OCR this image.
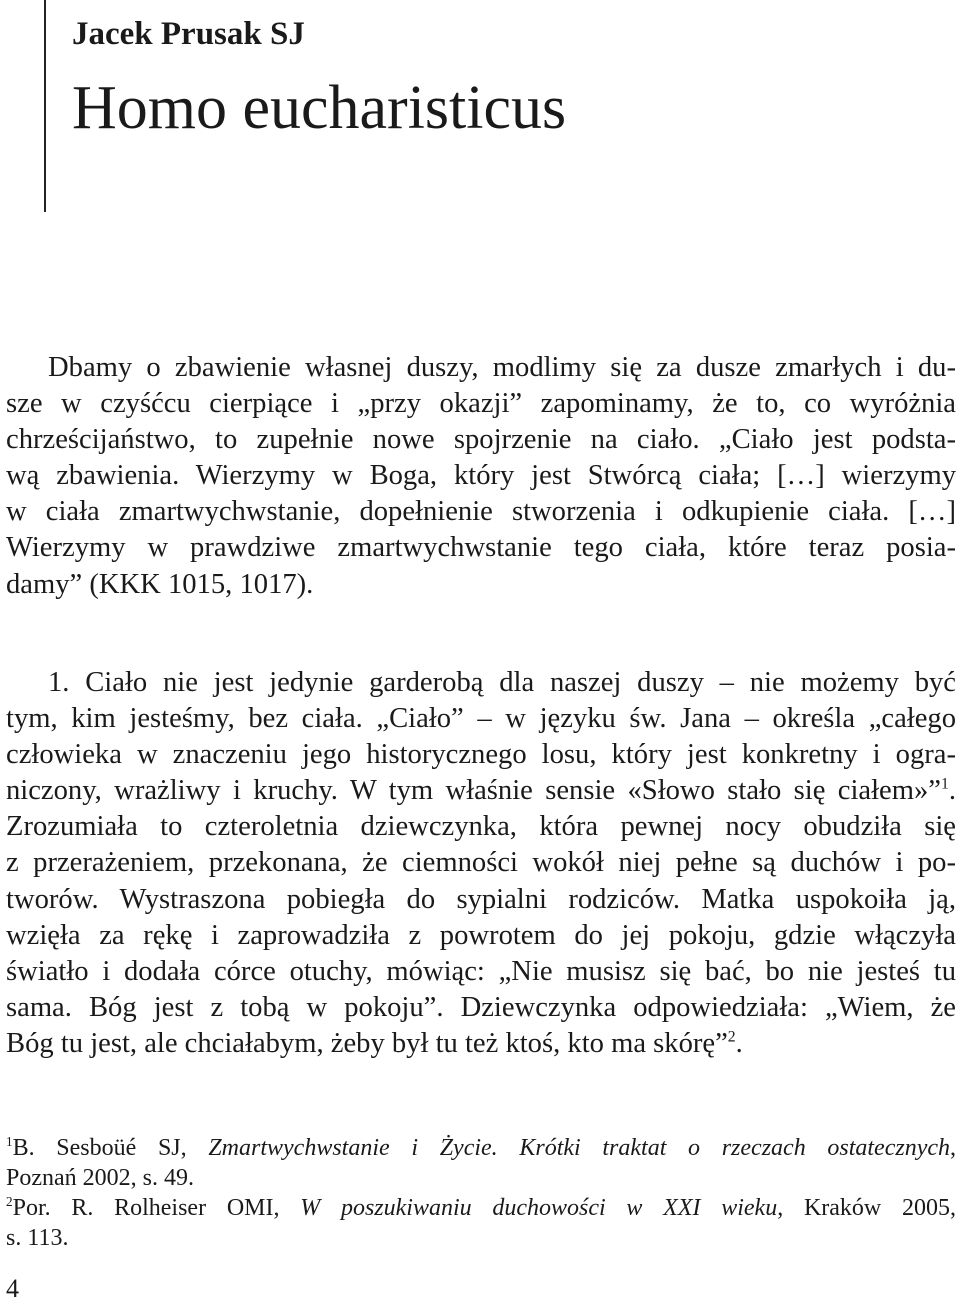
Jacek Prusak SJ
Homo eucharisticus
Dbamy o zbawienie własnej duszy, modlimy się za dusze zmarłych i du-
sze w czyśćcu cierpiące i „przy okazji” zapominamy, że to, co wyróżnia
chrześcijaństwo, to zupełnie nowe spojrzenie na ciało. „Ciało jest podsta-
wą zbawienia. Wierzymy w Boga, który jest Stwórcą ciała; […] wierzymy
w ciała zmartwychwstanie, dopełnienie stworzenia i odkupienie ciała. […]
Wierzymy w prawdziwe zmartwychwstanie tego ciała, które teraz posia-
damy” (KKK 1015, 1017).
1. Ciało nie jest jedynie garderobą dla naszej duszy – nie możemy być
tym, kim jesteśmy, bez ciała. „Ciało” – w języku św. Jana – określa „całego
człowieka w znaczeniu jego historycznego losu, który jest konkretny i ogra-
niczony, wrażliwy i kruchy. W tym właśnie sensie «Słowo stało się ciałem»”$^1$.
Zrozumiała to czteroletnia dziewczynka, która pewnej nocy obudziła się
z przerażeniem, przekonana, że ciemności wokół niej pełne są duchów i po-
tworów. Wystraszona pobiegła do sypialni rodziców. Matka uspokoiła ją,
wzięła za rękę i zaprowadziła z powrotem do jej pokoju, gdzie włączyła
światło i dodała córce otuchy, mówiąc: „Nie musisz się bać, bo nie jesteś tu
sama. Bóg jest z tobą w pokoju”. Dziewczynka odpowiedziała: „Wiem, że
Bóg tu jest, ale chciałabym, żeby był tu też ktoś, kto ma skórę”$^2$.
$^1$B. Sesboüé SJ, Zmartwychwstanie i Życie. Krótki traktat o rzeczach ostatecznych,
Poznań 2002, s. 49.
$^2$Por. R. Rolheiser OMI, W poszukiwaniu duchowości w XXI wieku, Kraków 2005,
s. 113.
4
